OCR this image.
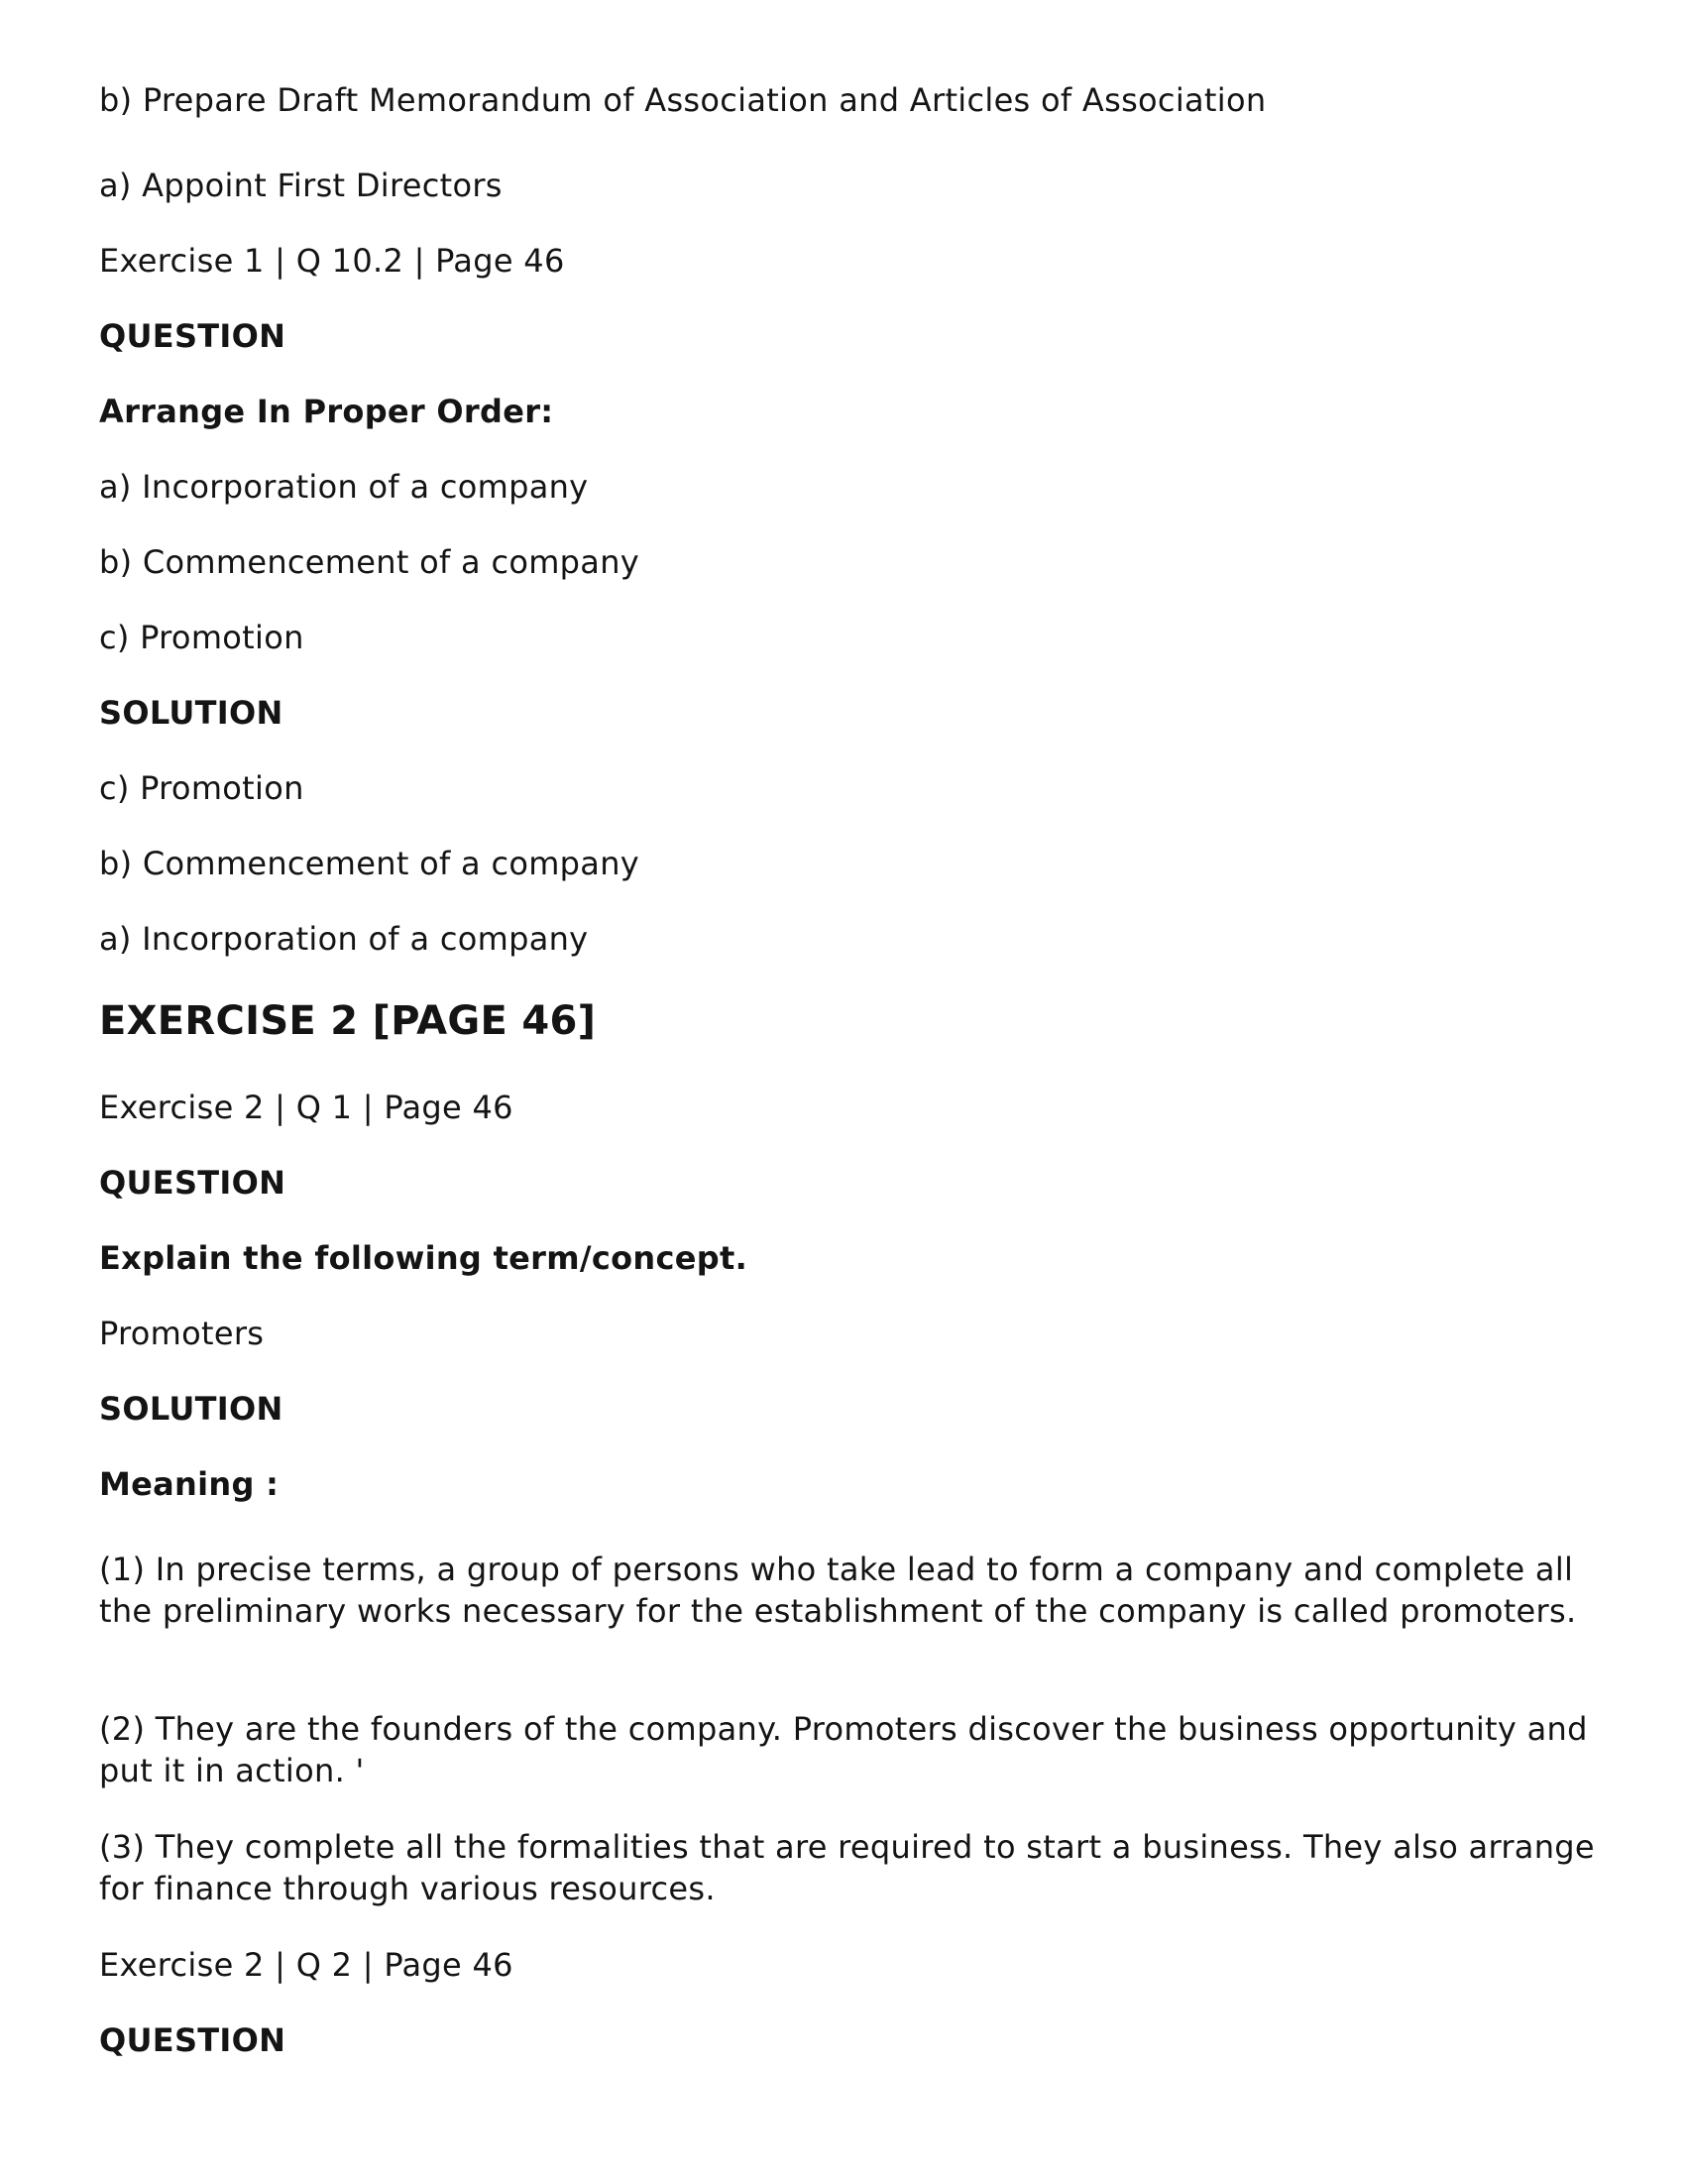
b) Prepare Draft Memorandum of Association and Articles of Association

a) Appoint First Directors

Exercise 1 | Q 10.2 | Page 46

QUESTION

Arrange In Proper Order:

a) Incorporation of a company

b) Commencement of a company

c) Promotion

SOLUTION

c) Promotion

b) Commencement of a company

a) Incorporation of a company

EXERCISE 2 [PAGE 46]

Exercise 2 | Q 1 | Page 46

QUESTION

Explain the following term/concept.

Promoters

SOLUTION

Meaning :

(1) In precise terms, a group of persons who take lead to form a company and complete all the preliminary works necessary for the establishment of the company is called promoters.

(2) They are the founders of the company. Promoters discover the business opportunity and put it in action. '

(3) They complete all the formalities that are required to start a business. They also arrange for finance through various resources.

Exercise 2 | Q 2 | Page 46

QUESTION
